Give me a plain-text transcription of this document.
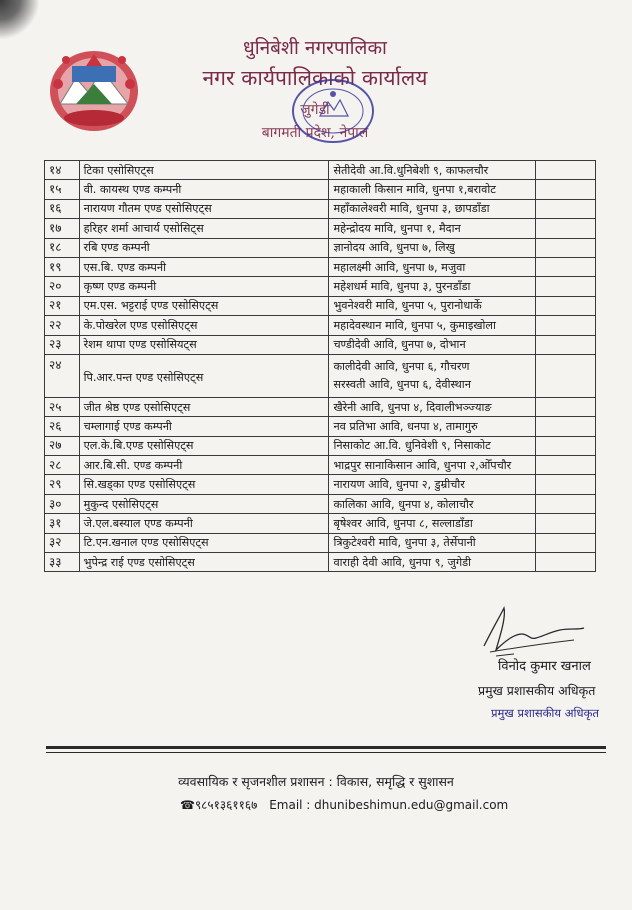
धुनिबेशी नगरपालिका
नगर कार्यपालिकाको कार्यालय
जुगेडी
बागमती प्रदेश, नेपाल
१४	टिका एसोसिएट्स	सेतीदेवी आ.वि.धुनिबेशी ९, काफलचौर	
१५	वी. कायस्थ एण्ड कम्पनी	महाकाली किसान मावि, धुनपा १,बरावोट	
१६	नारायण गौतम एण्ड एसोसिएट्स	महाँकालेश्वरी मावि, धुनपा ३, छापडाँडा	
१७	हरिहर शर्मा आचार्य एसोसिट्स	महेन्द्रोदय मावि, धुनपा १, मैदान	
१८	रबि एण्ड कम्पनी	ज्ञानोदय आवि, धुनपा ७, लिखु	
१९	एस.बि. एण्ड कम्पनी	महालक्ष्मी आवि, धुनपा ७, मजुवा	
२०	कृष्ण एण्ड कम्पनी	महेशधर्म मावि, धुनपा ३, पुरनडाँडा	
२१	एम.एस. भट्टराई एण्ड एसोसिएट्स	भुवनेश्वरी मावि, धुनपा ५, पुरानोधार्के	
२२	के.पोखरेल एण्ड एसोसिएट्स	महादेवस्थान मावि, धुनपा ५, कुमाइखोला	
२३	रेशम थापा एण्ड एसोसियट्स	चण्डीदेवी आवि, धुनपा ७, दोभान	
२४	पि.आर.पन्त एण्ड एसोसिएट्स	कालीदेवी आवि, धुनपा ६, गौचरण
सरस्वती आवि, धुनपा ६, देवीस्थान	

२५	जीत श्रेष्ठ एण्ड एसोसिएट्स	खैरेनी आवि, धुनपा ४, दिवालीभञ्ज्याङ	
२६	चम्लागाई एण्ड कम्पनी	नव प्रतिभा आवि, धनपा ४, तामागुरु	
२७	एल.के.बि.एण्ड एसोसिएट्स	निसाकोट आ.वि. धुनिवेशी ९, निसाकोट	
२८	आर.बि.सी. एण्ड कम्पनी	भाद्रपुर सानाकिसान आवि, धुनपा २,ओँपचौर	
२९	सि.खड्का एण्ड एसोसिएट्स	नारायण आवि, धुनपा २, डुम्रीचौर	
३०	मुकुन्द एसोसिएट्स	कालिका आवि, धुनपा ४, कोलाचौर	
३१	जे.एल.बस्याल एण्ड कम्पनी	बृषेश्वर आवि, धुनपा ८, सल्लाडाँडा	
३२	टि.एन.खनाल एण्ड एसोसिएट्स	त्रिकुटेश्वरी मावि, धुनपा ३, तेर्सेपानी	
३३	भुपेन्द्र राई एण्ड एसोसिएट्स	वाराही देवी आवि, धुनपा ९, जुगेडी	
विनोद कुमार खनाल
प्रमुख प्रशासकीय अधिकृत
प्रमुख प्रशासकीय अधिकृत
व्यवसायिक र सृजनशील प्रशासन : विकास, समृद्धि र सुशासन
☎९८५१३६११६७ Email : dhunibeshimun.edu@gmail.com
